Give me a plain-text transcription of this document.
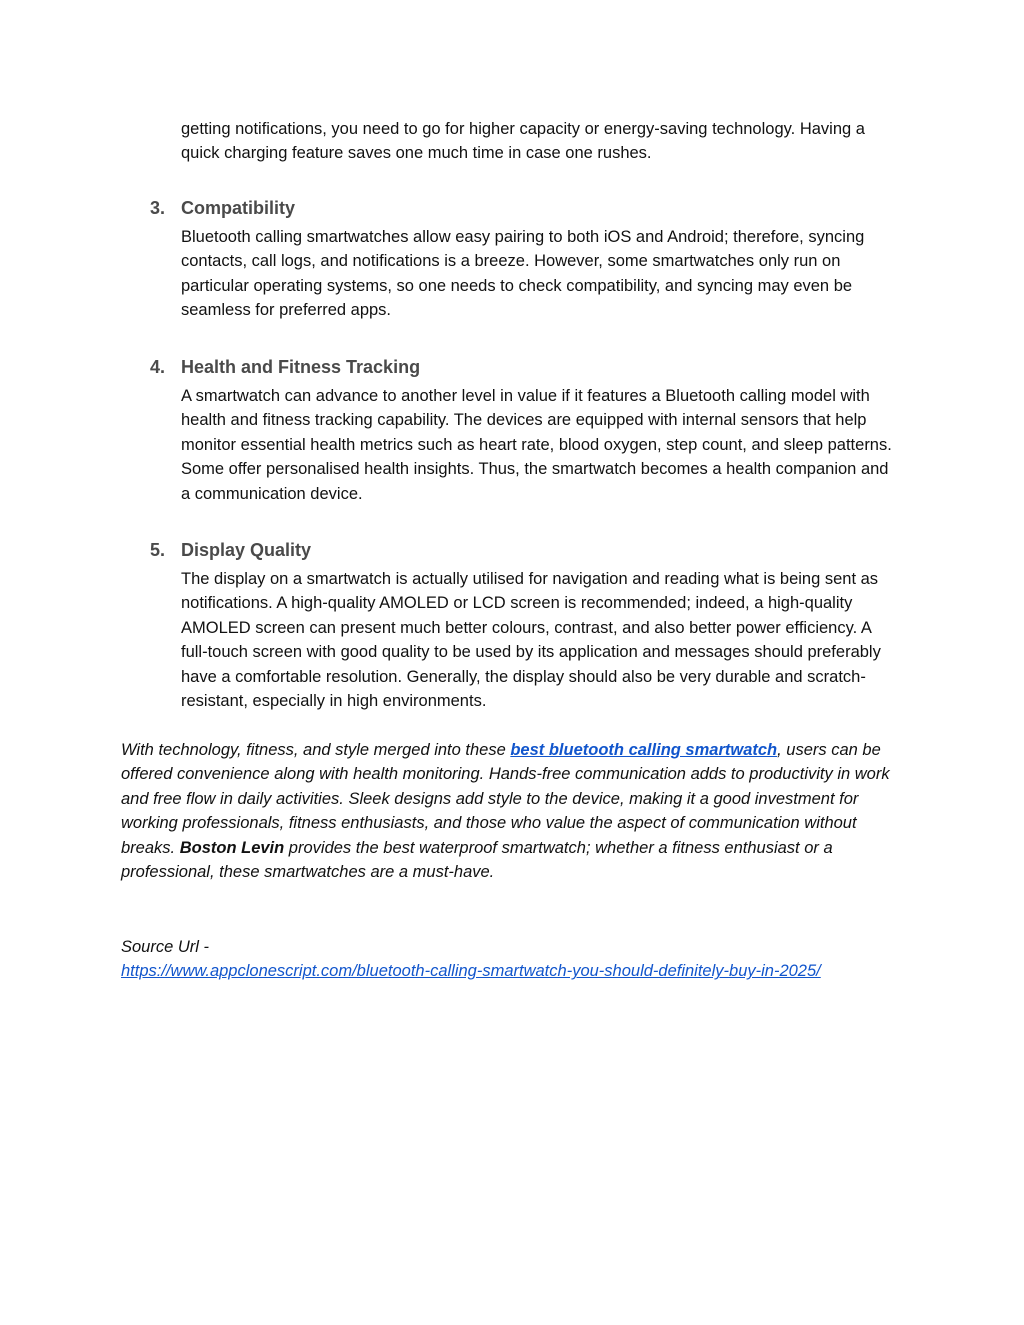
getting notifications, you need to go for higher capacity or energy-saving technology. Having a quick charging feature saves one much time in case one rushes.

3. Compatibility

Bluetooth calling smartwatches allow easy pairing to both iOS and Android; therefore, syncing contacts, call logs, and notifications is a breeze. However, some smartwatches only run on particular operating systems, so one needs to check compatibility, and syncing may even be seamless for preferred apps.

4. Health and Fitness Tracking

A smartwatch can advance to another level in value if it features a Bluetooth calling model with health and fitness tracking capability. The devices are equipped with internal sensors that help monitor essential health metrics such as heart rate, blood oxygen, step count, and sleep patterns. Some offer personalised health insights. Thus, the smartwatch becomes a health companion and a communication device.

5. Display Quality

The display on a smartwatch is actually utilised for navigation and reading what is being sent as notifications. A high-quality AMOLED or LCD screen is recommended; indeed, a high-quality AMOLED screen can present much better colours, contrast, and also better power efficiency. A full-touch screen with good quality to be used by its application and messages should preferably have a comfortable resolution. Generally, the display should also be very durable and scratch-resistant, especially in high environments.

With technology, fitness, and style merged into these best bluetooth calling smartwatch, users can be offered convenience along with health monitoring. Hands-free communication adds to productivity in work and free flow in daily activities. Sleek designs add style to the device, making it a good investment for working professionals, fitness enthusiasts, and those who value the aspect of communication without breaks. Boston Levin provides the best waterproof smartwatch; whether a fitness enthusiast or a professional, these smartwatches are a must-have.

Source Url -
https://www.appclonescript.com/bluetooth-calling-smartwatch-you-should-definitely-buy-in-2025/
